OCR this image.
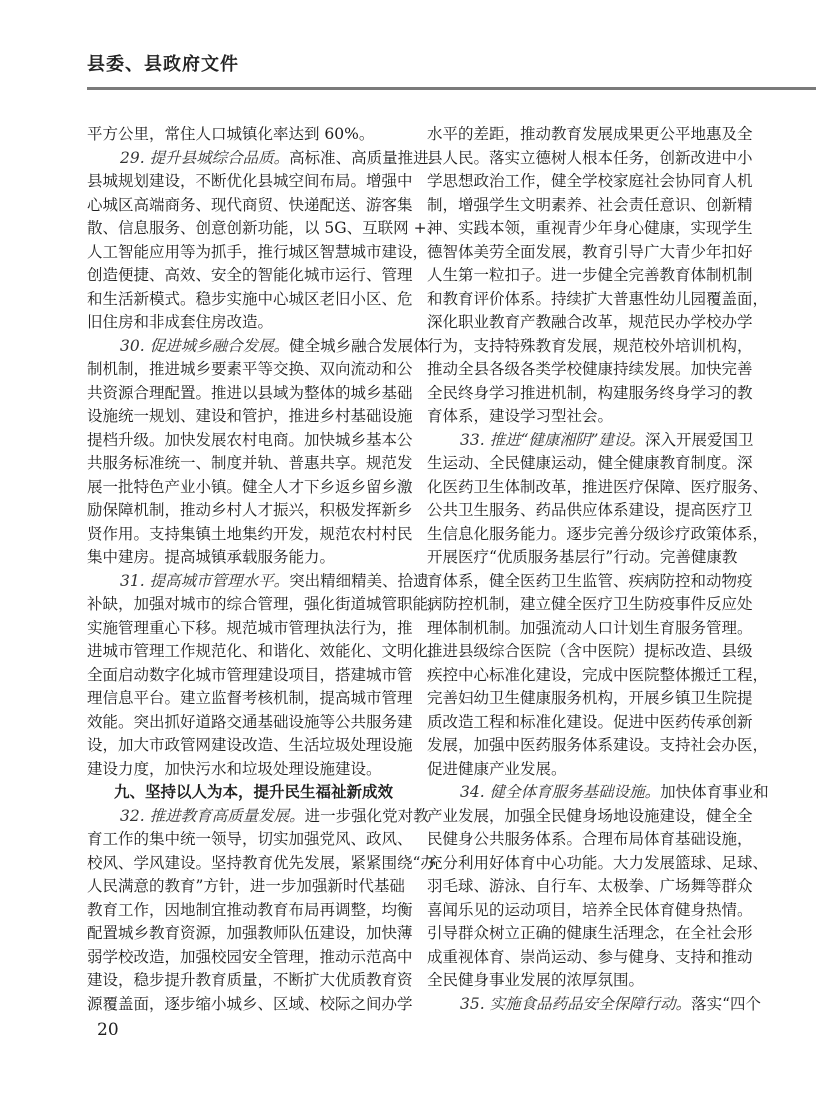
县委、县政府文件
平方公里，常住人口城镇化率达到 60%。
29. 提升县城综合品质。高标准、高质量推进
县城规划建设，不断优化县城空间布局。增强中
心城区高端商务、现代商贸、快递配送、游客集
散、信息服务、创意创新功能，以 5G、互联网 +、
人工智能应用等为抓手，推行城区智慧城市建设，
创造便捷、高效、安全的智能化城市运行、管理
和生活新模式。稳步实施中心城区老旧小区、危
旧住房和非成套住房改造。
30. 促进城乡融合发展。健全城乡融合发展体
制机制，推进城乡要素平等交换、双向流动和公
共资源合理配置。推进以县域为整体的城乡基础
设施统一规划、建设和管护，推进乡村基础设施
提档升级。加快发展农村电商。加快城乡基本公
共服务标准统一、制度并轨、普惠共享。规范发
展一批特色产业小镇。健全人才下乡返乡留乡激
励保障机制，推动乡村人才振兴，积极发挥新乡
贤作用。支持集镇土地集约开发，规范农村村民
集中建房。提高城镇承载服务能力。
31. 提高城市管理水平。突出精细精美、拾遗
补缺，加强对城市的综合管理，强化街道城管职能，
实施管理重心下移。规范城市管理执法行为，推
进城市管理工作规范化、和谐化、效能化、文明化。
全面启动数字化城市管理建设项目，搭建城市管
理信息平台。建立监督考核机制，提高城市管理
效能。突出抓好道路交通基础设施等公共服务建
设，加大市政管网建设改造、生活垃圾处理设施
建设力度，加快污水和垃圾处理设施建设。
九、坚持以人为本，提升民生福祉新成效
32. 推进教育高质量发展。进一步强化党对教
育工作的集中统一领导，切实加强党风、政风、
校风、学风建设。坚持教育优先发展，紧紧围绕“办
人民满意的教育”方针，进一步加强新时代基础
教育工作，因地制宜推动教育布局再调整，均衡
配置城乡教育资源，加强教师队伍建设，加快薄
弱学校改造，加强校园安全管理，推动示范高中
建设，稳步提升教育质量，不断扩大优质教育资
源覆盖面，逐步缩小城乡、区域、校际之间办学
水平的差距，推动教育发展成果更公平地惠及全
县人民。落实立德树人根本任务，创新改进中小
学思想政治工作，健全学校家庭社会协同育人机
制，增强学生文明素养、社会责任意识、创新精
神、实践本领，重视青少年身心健康，实现学生
德智体美劳全面发展，教育引导广大青少年扣好
人生第一粒扣子。进一步健全完善教育体制机制
和教育评价体系。持续扩大普惠性幼儿园覆盖面，
深化职业教育产教融合改革，规范民办学校办学
行为，支持特殊教育发展，规范校外培训机构，
推动全县各级各类学校健康持续发展。加快完善
全民终身学习推进机制，构建服务终身学习的教
育体系，建设学习型社会。
33. 推进“健康湘阴”建设。深入开展爱国卫
生运动、全民健康运动，健全健康教育制度。深
化医药卫生体制改革，推进医疗保障、医疗服务、
公共卫生服务、药品供应体系建设，提高医疗卫
生信息化服务能力。逐步完善分级诊疗政策体系，
开展医疗“优质服务基层行”行动。完善健康教
育体系，健全医药卫生监管、疾病防控和动物疫
病防控机制，建立健全医疗卫生防疫事件反应处
理体制机制。加强流动人口计划生育服务管理。
推进县级综合医院（含中医院）提标改造、县级
疾控中心标准化建设，完成中医院整体搬迁工程，
完善妇幼卫生健康服务机构，开展乡镇卫生院提
质改造工程和标准化建设。促进中医药传承创新
发展，加强中医药服务体系建设。支持社会办医，
促进健康产业发展。
34. 健全体育服务基础设施。加快体育事业和
产业发展，加强全民健身场地设施建设，健全全
民健身公共服务体系。合理布局体育基础设施，
充分利用好体育中心功能。大力发展篮球、足球、
羽毛球、游泳、自行车、太极拳、广场舞等群众
喜闻乐见的运动项目，培养全民体育健身热情。
引导群众树立正确的健康生活理念，在全社会形
成重视体育、崇尚运动、参与健身、支持和推动
全民健身事业发展的浓厚氛围。
35. 实施食品药品安全保障行动。落实“四个
20
